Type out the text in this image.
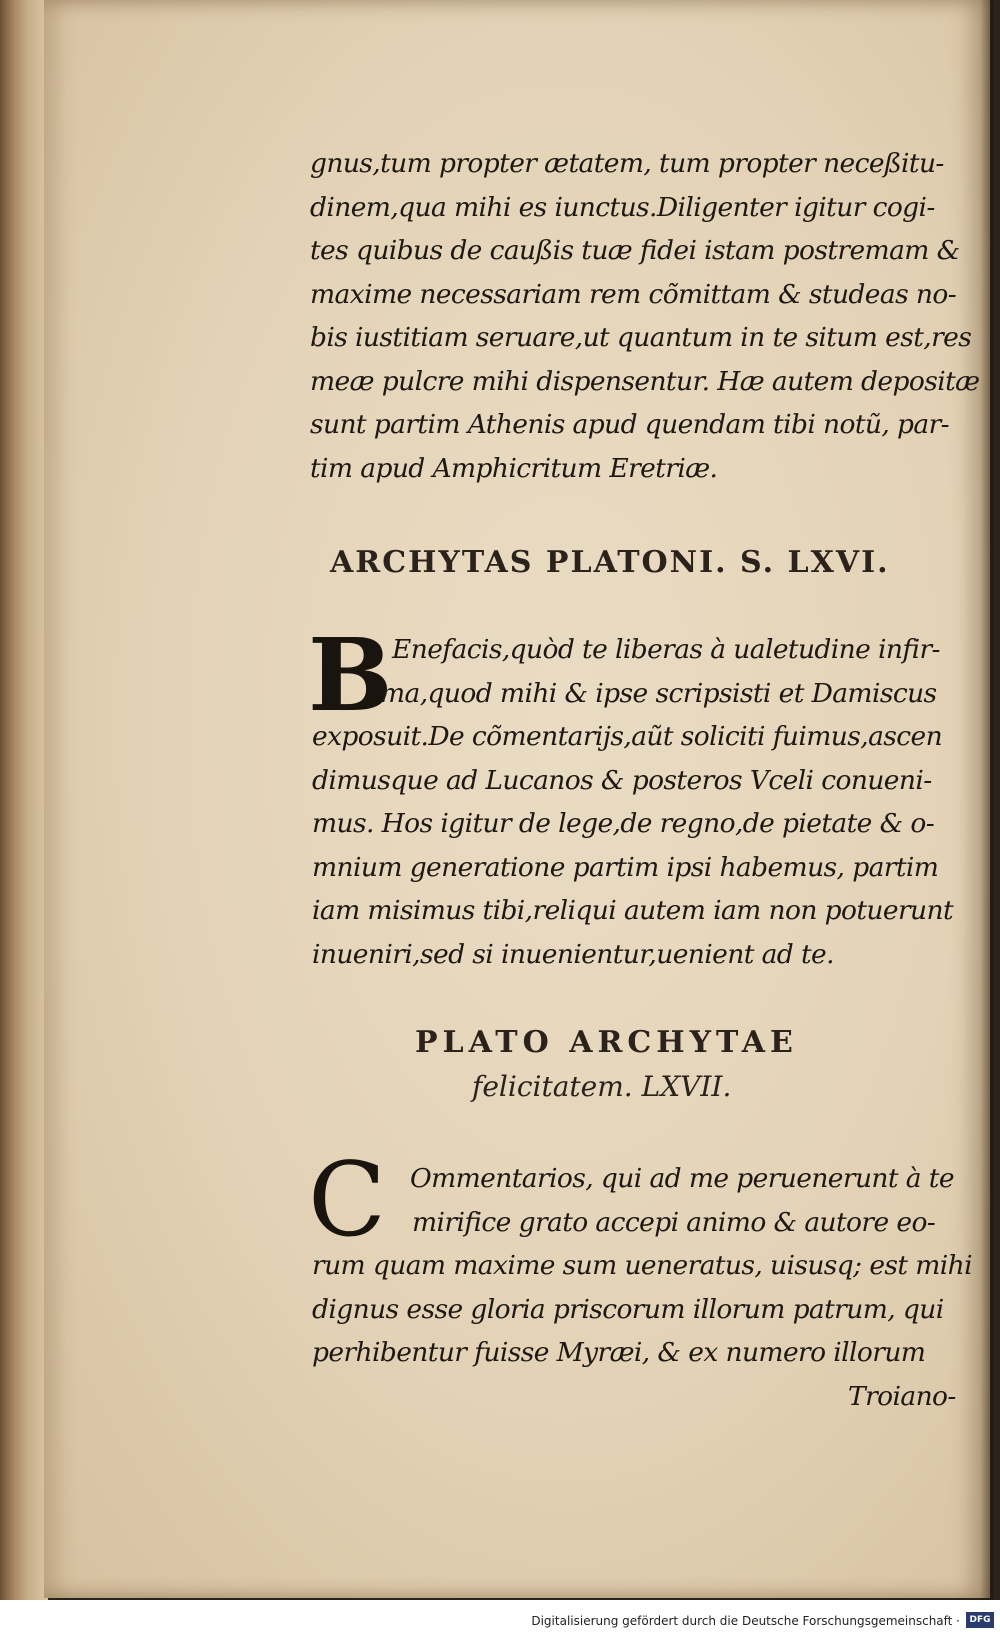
gnus,tum propter ætatem, tum propter neceßitu-
dinem,qua mihi es iunctus.Diligenter igitur cogi-
tes quibus de caußis tuæ fidei istam postremam &
maxime necessariam rem cõmittam & studeas no-
bis iustitiam seruare,ut quantum in te situm est,res
meæ pulcre mihi dispensentur. Hæ autem depositæ
sunt partim Athenis apud quendam tibi notũ, par-
tim apud Amphicritum Eretriæ.
ARCHYTAS PLATONI. S. LXVI.
B Enefacis,quòd te liberas à ualetudine infir-
ma,quod mihi & ipse scripsisti et Damiscus
exposuit.De cõmentarijs,aũt soliciti fuimus,ascen
dimusque ad Lucanos & posteros Vceli conueni-
mus. Hos igitur de lege,de regno,de pietate & o-
mnium generatione partim ipsi habemus, partim
iam misimus tibi,reliqui autem iam non potuerunt
inueniri,sed si inuenientur,uenient ad te.
PLATO ARCHYTAE
felicitatem. LXVII.
C Ommentarios, qui ad me peruenerunt à te
mirifice grato accepi animo & autore eo-
rum quam maxime sum ueneratus, uisusq; est mihi
dignus esse gloria priscorum illorum patrum, qui
perhibentur fuisse Myræi, & ex numero illorum
Troiano-
Digitalisierung gefördert durch die Deutsche Forschungsgemeinschaft ·	DFG
